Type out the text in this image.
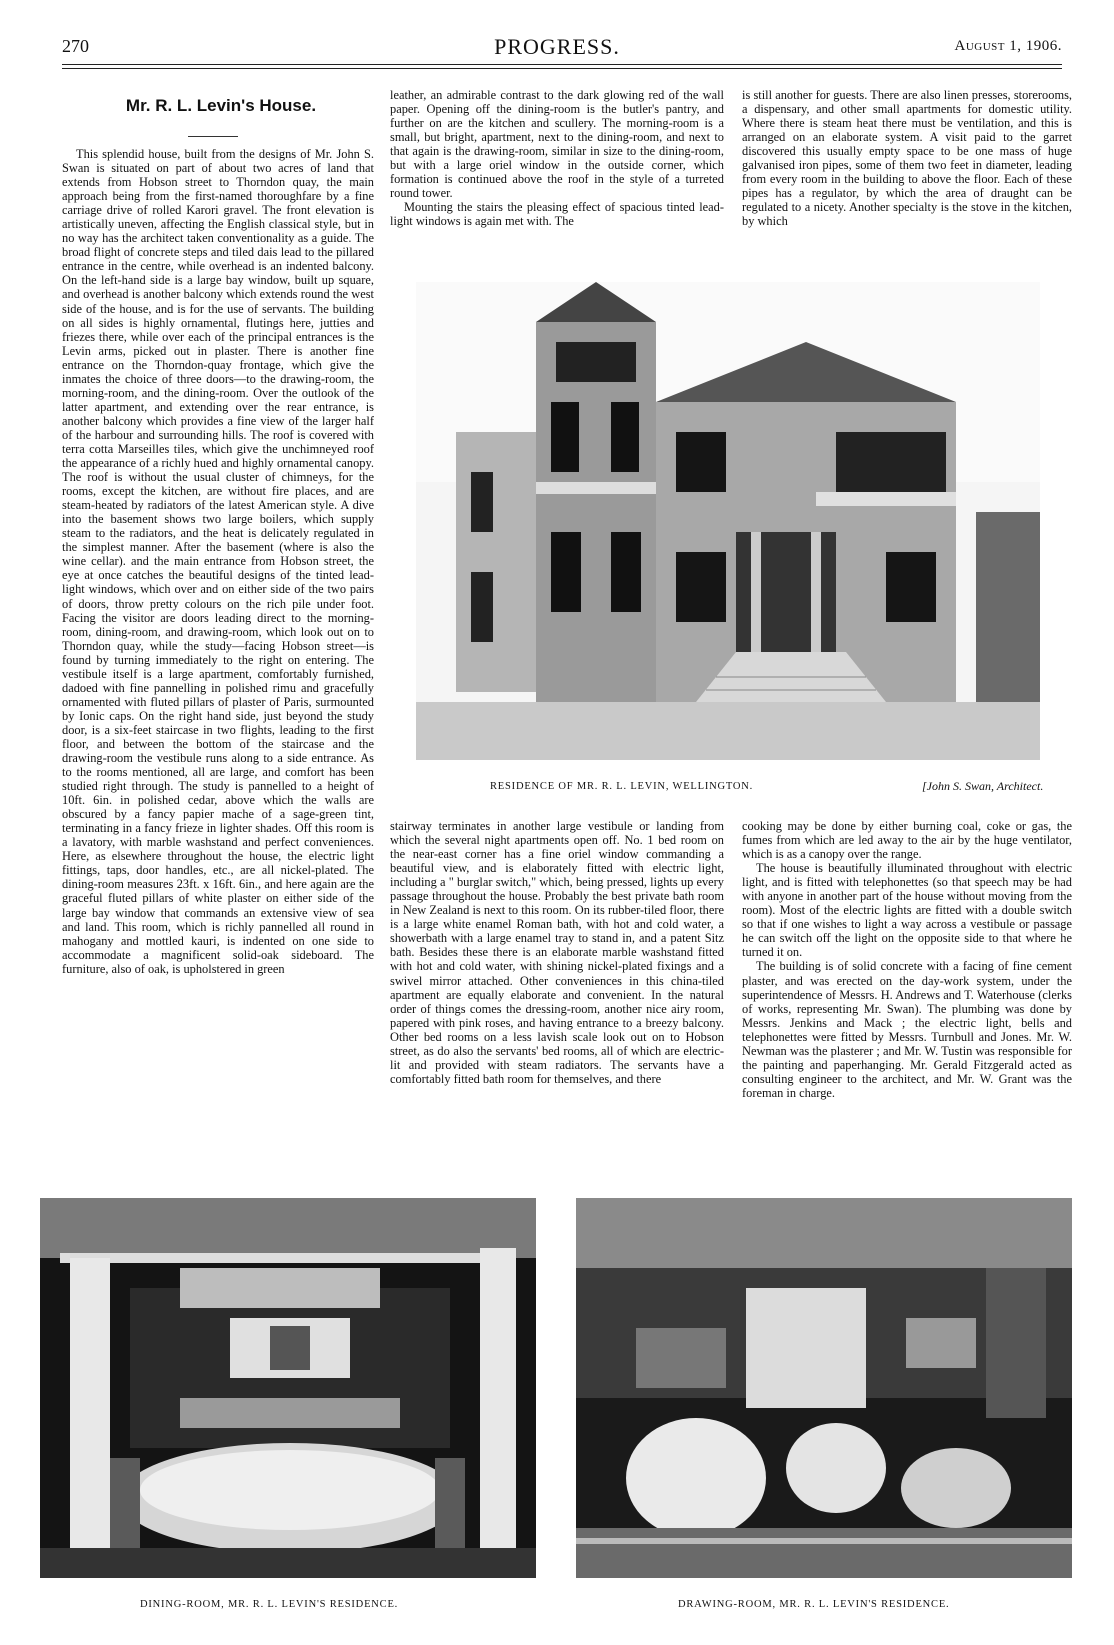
270	PROGRESS.	August 1, 1906.
Mr. R. L. Levin's House.

This splendid house, built from the designs of Mr. John S. Swan is situated on part of about two acres of land that extends from Hobson street to Thorndon quay, the main approach being from the first-named thoroughfare by a fine carriage drive of rolled Karori gravel. The front elevation is artistically uneven, affecting the English classical style, but in no way has the architect taken conventionality as a guide. The broad flight of concrete steps and tiled dais lead to the pillared entrance in the centre, while overhead is an indented balcony. On the left-hand side is a large bay window, built up square, and overhead is another balcony which extends round the west side of the house, and is for the use of servants. The building on all sides is highly ornamental, flutings here, jutties and friezes there, while over each of the principal entrances is the Levin arms, picked out in plaster. There is another fine entrance on the Thorndon-quay frontage, which give the inmates the choice of three doors—to the drawing-room, the morning-room, and the dining-room. Over the outlook of the latter apartment, and extending over the rear entrance, is another balcony which provides a fine view of the larger half of the harbour and surrounding hills. The roof is covered with terra cotta Marseilles tiles, which give the unchimneyed roof the appearance of a richly hued and highly ornamental canopy. The roof is without the usual cluster of chimneys, for the rooms, except the kitchen, are without fire places, and are steam-heated by radiators of the latest American style. A dive into the basement shows two large boilers, which supply steam to the radiators, and the heat is delicately regulated in the simplest manner. After the basement (where is also the wine cellar). and the main entrance from Hobson street, the eye at once catches the beautiful designs of the tinted lead-light windows, which over and on either side of the two pairs of doors, throw pretty colours on the rich pile under foot. Facing the visitor are doors leading direct to the morning-room, dining-room, and drawing-room, which look out on to Thorndon quay, while the study—facing Hobson street—is found by turning immediately to the right on entering. The vestibule itself is a large apartment, comfortably furnished, dadoed with fine pannelling in polished rimu and gracefully ornamented with fluted pillars of plaster of Paris, surmounted by Ionic caps. On the right hand side, just beyond the study door, is a six-feet staircase in two flights, leading to the first floor, and between the bottom of the staircase and the drawing-room the vestibule runs along to a side entrance. As to the rooms mentioned, all are large, and comfort has been studied right through. The study is pannelled to a height of 10ft. 6in. in polished cedar, above which the walls are obscured by a fancy papier mache of a sage-green tint, terminating in a fancy frieze in lighter shades. Off this room is a lavatory, with marble washstand and perfect conveniences. Here, as elsewhere throughout the house, the electric light fittings, taps, door handles, etc., are all nickel-plated. The dining-room measures 23ft. x 16ft. 6in., and here again are the graceful fluted pillars of white plaster on either side of the large bay window that commands an extensive view of sea and land. This room, which is richly pannelled all round in mahogany and mottled kauri, is indented on one side to accommodate a magnificent solid-oak sideboard. The furniture, also of oak, is upholstered in green

leather, an admirable contrast to the dark glowing red of the wall paper. Opening off the dining-room is the butler's pantry, and further on are the kitchen and scullery. The morning-room is a small, but bright, apartment, next to the dining-room, and next to that again is the drawing-room, similar in size to the dining-room, but with a large oriel window in the outside corner, which formation is continued above the roof in the style of a turreted round tower.

Mounting the stairs the pleasing effect of spacious tinted lead-light windows is again met with. The

is still another for guests. There are also linen presses, storerooms, a dispensary, and other small apartments for domestic utility. Where there is steam heat there must be ventilation, and this is arranged on an elaborate system. A visit paid to the garret discovered this usually empty space to be one mass of huge galvanised iron pipes, some of them two feet in diameter, leading from every room in the building to above the floor. Each of these pipes has a regulator, by which the area of draught can be regulated to a nicety. Another specialty is the stove in the kitchen, by which

RESIDENCE OF MR. R. L. LEVIN, WELLINGTON.	[John S. Swan, Architect.

stairway terminates in another large vestibule or landing from which the several night apartments open off. No. 1 bed room on the near-east corner has a fine oriel window commanding a beautiful view, and is elaborately fitted with electric light, including a " burglar switch," which, being pressed, lights up every passage throughout the house. Probably the best private bath room in New Zealand is next to this room. On its rubber-tiled floor, there is a large white enamel Roman bath, with hot and cold water, a showerbath with a large enamel tray to stand in, and a patent Sitz bath. Besides these there is an elaborate marble washstand fitted with hot and cold water, with shining nickel-plated fixings and a swivel mirror attached. Other conveniences in this china-tiled apartment are equally elaborate and convenient. In the natural order of things comes the dressing-room, another nice airy room, papered with pink roses, and having entrance to a breezy balcony. Other bed rooms on a less lavish scale look out on to Hobson street, as do also the servants' bed rooms, all of which are electric-lit and provided with steam radiators. The servants have a comfortably fitted bath room for themselves, and there

cooking may be done by either burning coal, coke or gas, the fumes from which are led away to the air by the huge ventilator, which is as a canopy over the range.

The house is beautifully illuminated throughout with electric light, and is fitted with telephonettes (so that speech may be had with anyone in another part of the house without moving from the room). Most of the electric lights are fitted with a double switch so that if one wishes to light a way across a vestibule or passage he can switch off the light on the opposite side to that where he turned it on.

The building is of solid concrete with a facing of fine cement plaster, and was erected on the day-work system, under the superintendence of Messrs. H. Andrews and T. Waterhouse (clerks of works, representing Mr. Swan). The plumbing was done by Messrs. Jenkins and Mack ; the electric light, bells and telephonettes were fitted by Messrs. Turnbull and Jones. Mr. W. Newman was the plasterer ; and Mr. W. Tustin was responsible for the painting and paperhanging. Mr. Gerald Fitzgerald acted as consulting engineer to the architect, and Mr. W. Grant was the foreman in charge.

DINING-ROOM, MR. R. L. LEVIN'S RESIDENCE.	DRAWING-ROOM, MR. R. L. LEVIN'S RESIDENCE.
